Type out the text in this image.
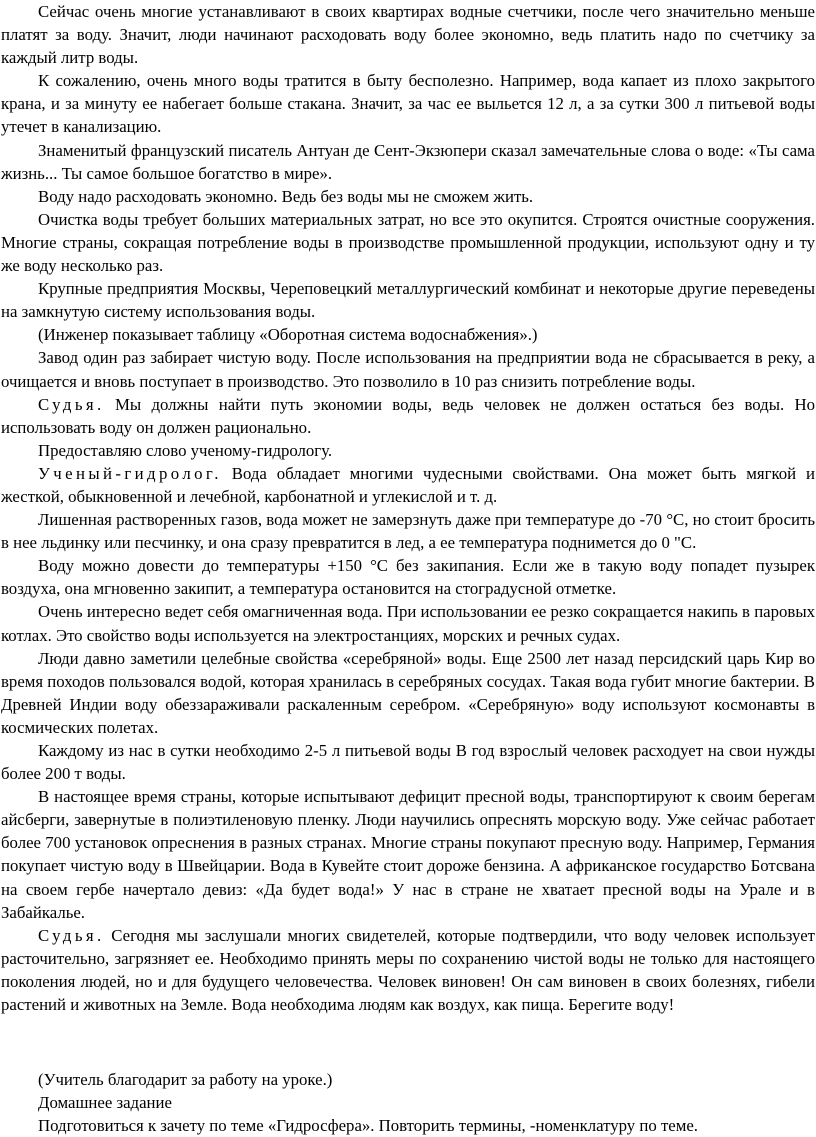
Сейчас очень многие устанавливают в своих квартирах водные счетчики, после чего значительно меньше платят за воду. Значит, люди начинают расходовать воду более экономно, ведь платить надо по счетчику за каждый литр воды.

К сожалению, очень много воды тратится в быту бесполезно. Например, вода капает из плохо закрытого крана, и за минуту ее набегает больше стакана. Значит, за час ее выльется 12 л, а за сутки 300 л питьевой воды утечет в канализацию.

Знаменитый французский писатель Антуан де Сент-Экзюпери сказал замечательные слова о воде: «Ты сама жизнь... Ты самое большое богатство в мире».

Воду надо расходовать экономно. Ведь без воды мы не сможем жить.

Очистка воды требует больших материальных затрат, но все это окупится. Строятся очистные сооружения. Многие страны, сокращая потребление воды в производстве промышленной продукции, используют одну и ту же воду несколько раз.

Крупные предприятия Москвы, Череповецкий металлургический комбинат и некоторые другие переведены на замкнутую систему использования воды.

(Инженер показывает таблицу «Оборотная система водоснабжения».)

Завод один раз забирает чистую воду. После использования на предприятии вода не сбрасывается в реку, а очищается и вновь поступает в производство. Это позволило в 10 раз снизить потребление воды.

Судья. Мы должны найти путь экономии воды, ведь человек не должен остаться без воды. Но использовать воду он должен рационально.

Предоставляю слово ученому-гидрологу.

Ученый-гидролог. Вода обладает многими чудесными свойствами. Она может быть мягкой и жесткой, обыкновенной и лечебной, карбонатной и углекислой и т. д.

Лишенная растворенных газов, вода может не замерзнуть даже при температуре до -70 °С, но стоит бросить в нее льдинку или песчинку, и она сразу превратится в лед, а ее температура поднимется до 0 "С.

Воду можно довести до температуры +150 °С без закипания. Если же в такую воду попадет пузырек воздуха, она мгновенно закипит, а температура остановится на стоградусной отметке.

Очень интересно ведет себя омагниченная вода. При использовании ее резко сокращается накипь в паровых котлах. Это свойство воды используется на электростанциях, морских и речных судах.

Люди давно заметили целебные свойства «серебряной» воды. Еще 2500 лет назад персидский царь Кир во время походов пользовался водой, которая хранилась в серебряных сосудах. Такая вода губит многие бактерии. В Древней Индии воду обеззараживали раскаленным серебром. «Серебряную» воду используют космонавты в космических полетах.

Каждому из нас в сутки необходимо 2-5 л питьевой воды В год взрослый человек расходует на свои нужды более 200 т воды.

В настоящее время страны, которые испытывают дефицит пресной воды, транспортируют к своим берегам айсберги, завернутые в полиэтиленовую пленку. Люди научились опреснять морскую воду. Уже сейчас работает более 700 установок опреснения в разных странах. Многие страны покупают пресную воду. Например, Германия покупает чистую воду в Швейцарии. Вода в Кувейте стоит дороже бензина. А африканское государство Ботсвана на своем гербе начертало девиз: «Да будет вода!» У нас в стране не хватает пресной воды на Урале и в Забайкалье.

Судья. Сегодня мы заслушали многих свидетелей, которые подтвердили, что воду человек использует расточительно, загрязняет ее. Необходимо принять меры по сохранению чистой воды не только для настоящего поколения людей, но и для будущего человечества. Человек виновен! Он сам виновен в своих болезнях, гибели растений и животных на Земле. Вода необходима людям как воздух, как пища. Берегите воду!

(Учитель благодарит за работу на уроке.)

Домашнее задание

Подготовиться к зачету по теме «Гидросфера». Повторить термины, -номенклатуру по теме.
